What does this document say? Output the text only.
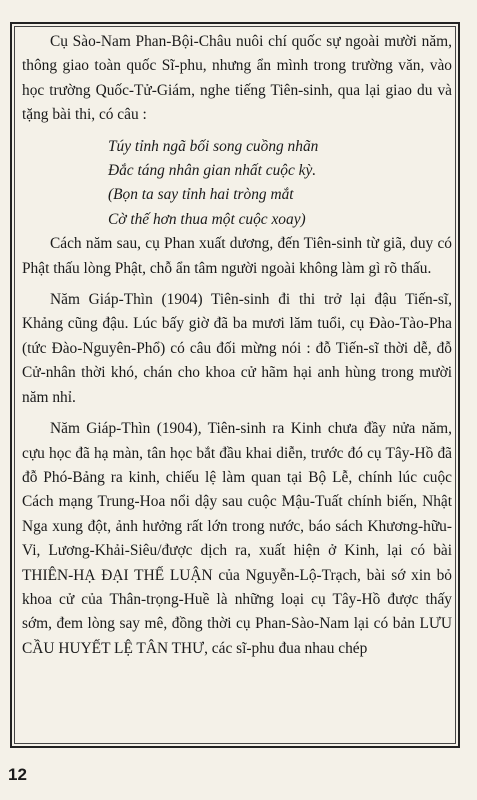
Cụ Sào-Nam Phan-Bội-Châu nuôi chí quốc sự ngoài mười năm, thông giao toàn quốc Sĩ-phu, nhưng ẩn mình trong trường văn, vào học trường Quốc-Tử-Giám, nghe tiếng Tiên-sinh, qua lại giao du và tặng bài thi, có câu :

Túy tỉnh ngã bối song cuồng nhãn
Đắc táng nhân gian nhất cuộc kỳ.
(Bọn ta say tỉnh hai tròng mắt
Cờ thế hơn thua một cuộc xoay)

Cách năm sau, cụ Phan xuất dương, đến Tiên-sinh từ giã, duy có Phật thấu lòng Phật, chỗ ẩn tâm người ngoài không làm gì rõ thấu.

Năm Giáp-Thìn (1904) Tiên-sinh đi thi trở lại đậu Tiến-sĩ, Khảng cũng đậu. Lúc bấy giờ đã ba mươi lăm tuổi, cụ Đào-Tào-Pha (tức Đào-Nguyên-Phổ) có câu đối mừng nói : đỗ Tiến-sĩ thời dễ, đỗ Cử-nhân thời khó, chán cho khoa cử hãm hại anh hùng trong mười năm nhỉ.

Năm Giáp-Thìn (1904), Tiên-sinh ra Kinh chưa đầy nửa năm, cựu học đã hạ màn, tân học bắt đầu khai diễn, trước đó cụ Tây-Hồ đã đỗ Phó-Bảng ra kinh, chiếu lệ làm quan tại Bộ Lễ, chính lúc cuộc Cách mạng Trung-Hoa nổi dậy sau cuộc Mậu-Tuất chính biến, Nhật Nga xung đột, ảnh hưởng rất lớn trong nước, báo sách Khương-hữu-Vi, Lương-Khải-Siêu/được dịch ra, xuất hiện ở Kinh, lại có bài THIÊN-HẠ ĐẠI THẾ LUẬN của Nguyễn-Lộ-Trạch, bài sớ xin bỏ khoa cử của Thân-trọng-Huề là những loại cụ Tây-Hồ được thấy sớm, đem lòng say mê, đồng thời cụ Phan-Sào-Nam lại có bản LƯU CẦU HUYẾT LỆ TÂN THƯ, các sĩ-phu đua nhau chép

12
